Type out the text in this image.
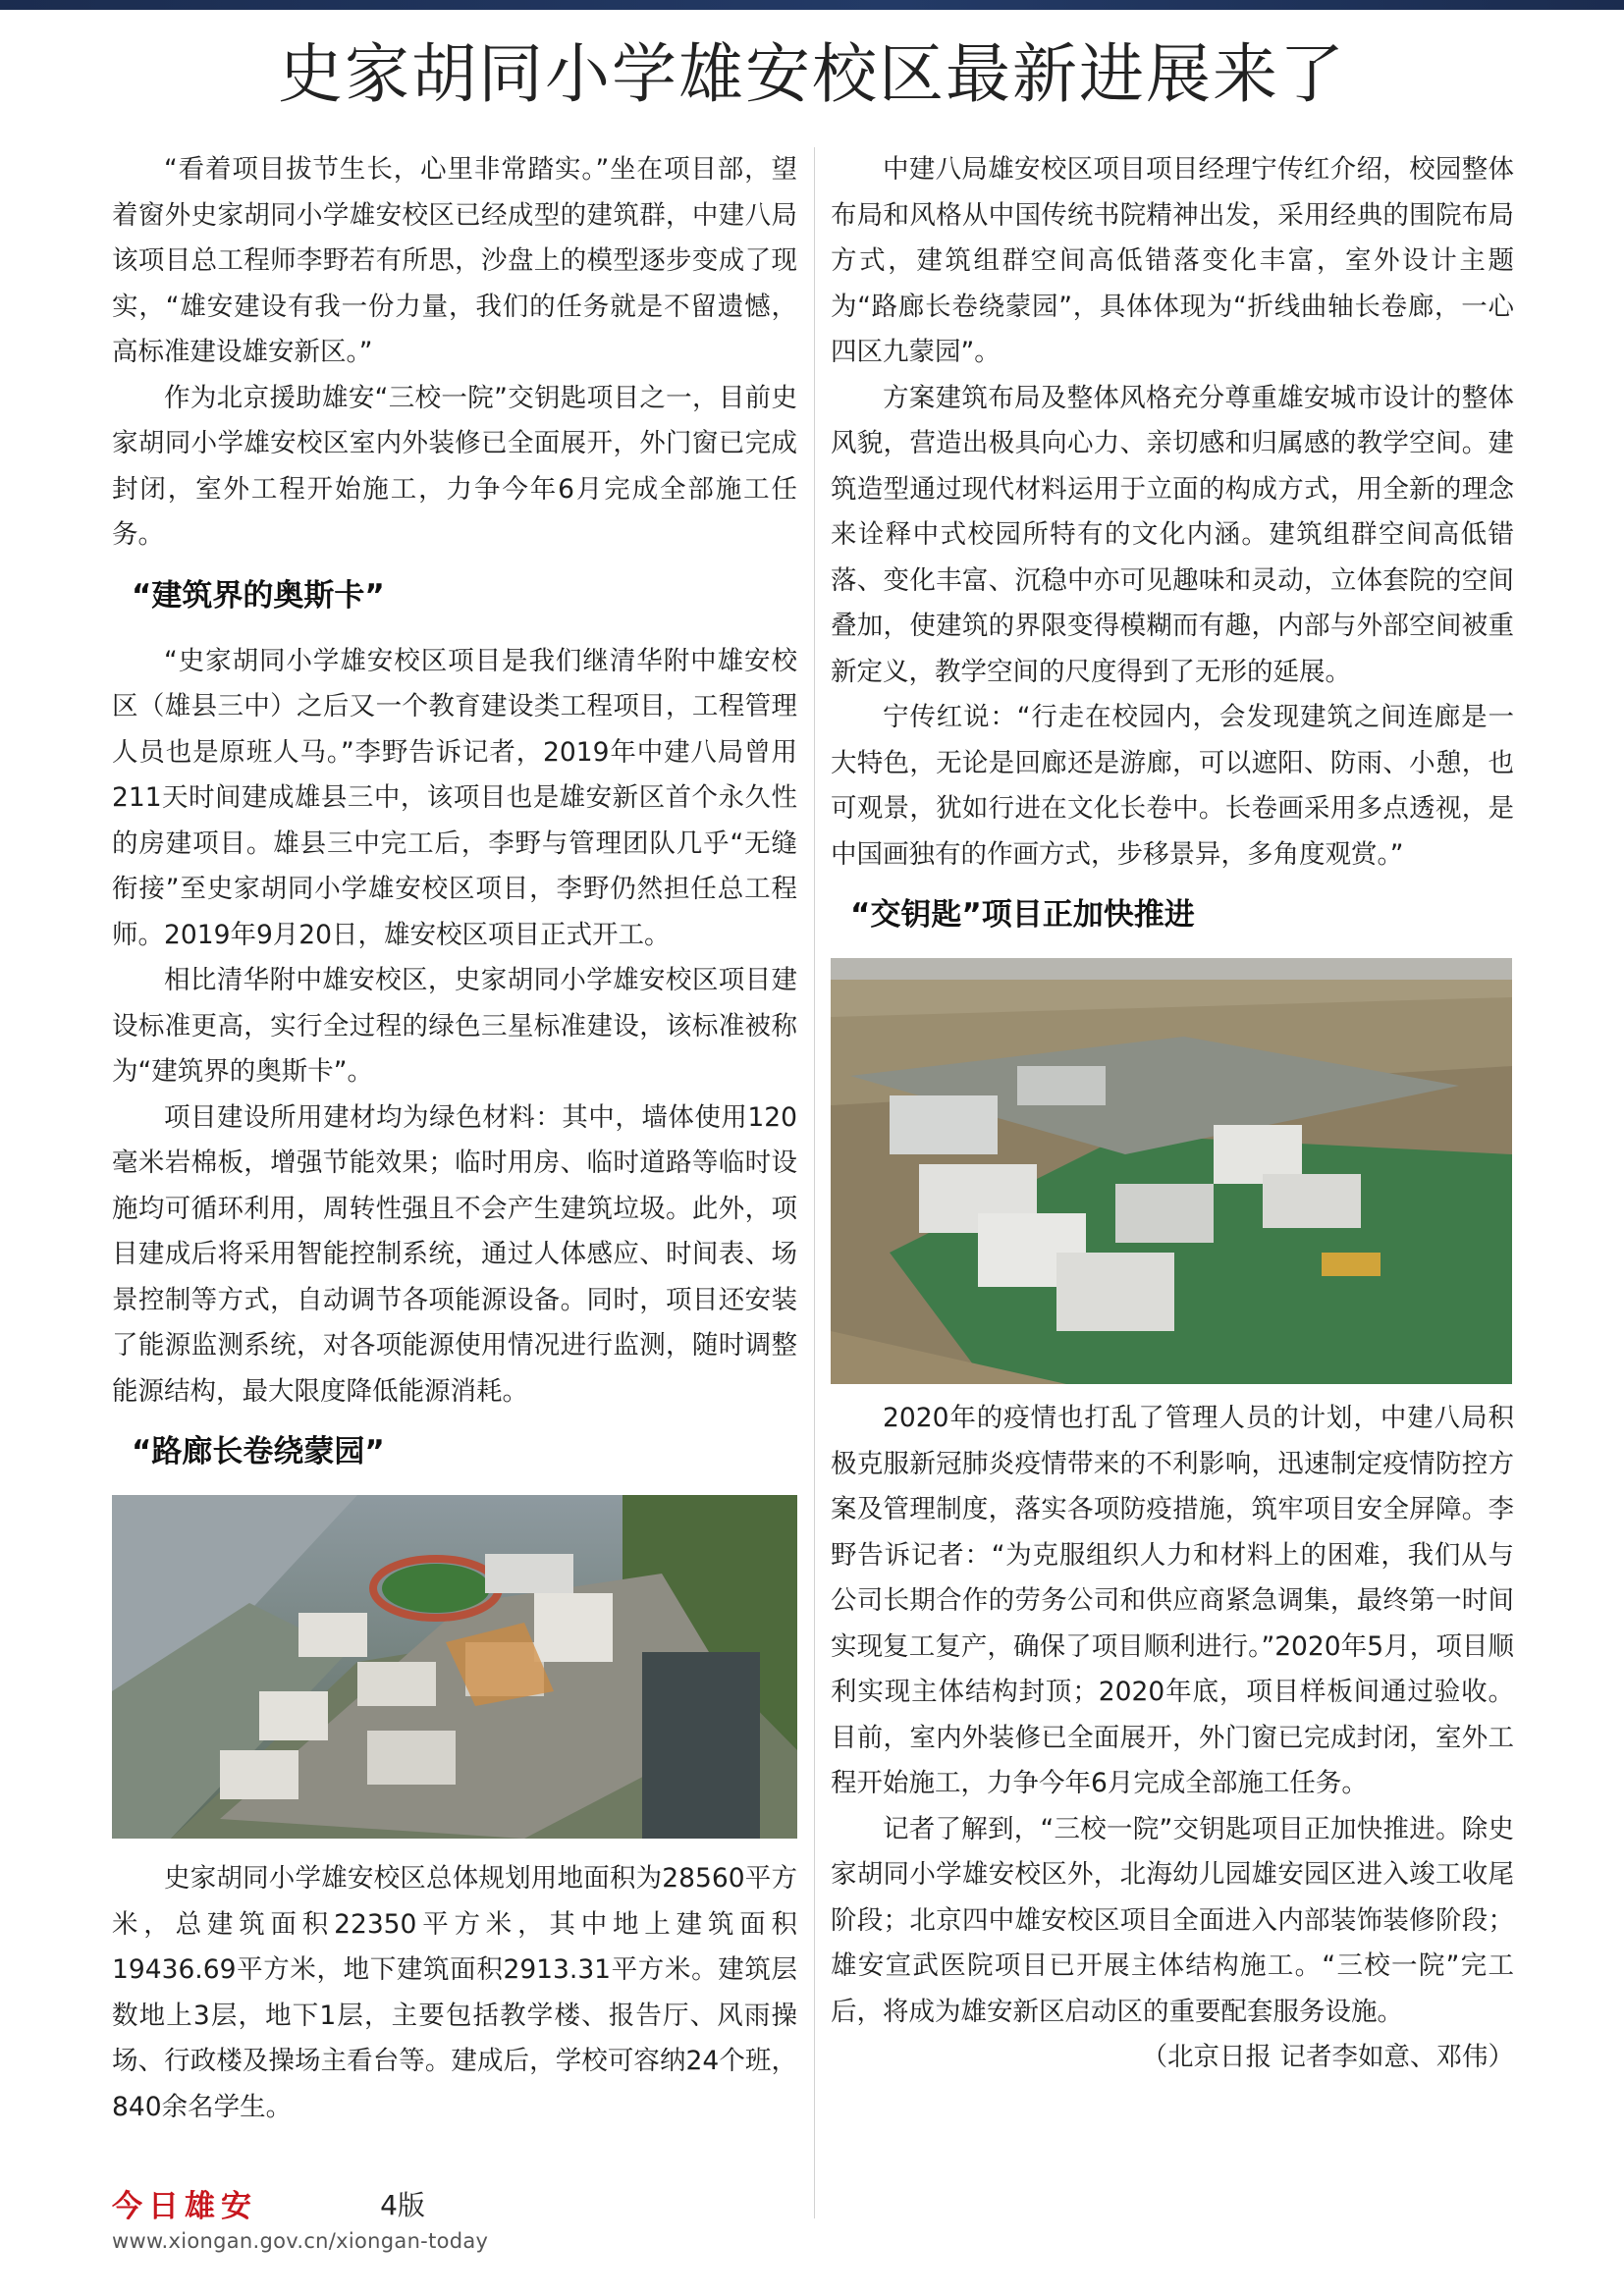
史家胡同小学雄安校区最新进展来了

“看着项目拔节生长，心里非常踏实。”坐在项目部，望着窗外史家胡同小学雄安校区已经成型的建筑群，中建八局该项目总工程师李野若有所思，沙盘上的模型逐步变成了现实，“雄安建设有我一份力量，我们的任务就是不留遗憾，高标准建设雄安新区。”

作为北京援助雄安“三校一院”交钥匙项目之一，目前史家胡同小学雄安校区室内外装修已全面展开，外门窗已完成封闭，室外工程开始施工，力争今年6月完成全部施工任务。

“建筑界的奥斯卡”

“史家胡同小学雄安校区项目是我们继清华附中雄安校区（雄县三中）之后又一个教育建设类工程项目，工程管理人员也是原班人马。”李野告诉记者，2019年中建八局曾用211天时间建成雄县三中，该项目也是雄安新区首个永久性的房建项目。雄县三中完工后，李野与管理团队几乎“无缝衔接”至史家胡同小学雄安校区项目，李野仍然担任总工程师。2019年9月20日，雄安校区项目正式开工。

相比清华附中雄安校区，史家胡同小学雄安校区项目建设标准更高，实行全过程的绿色三星标准建设，该标准被称为“建筑界的奥斯卡”。

项目建设所用建材均为绿色材料：其中，墙体使用120毫米岩棉板，增强节能效果；临时用房、临时道路等临时设施均可循环利用，周转性强且不会产生建筑垃圾。此外，项目建成后将采用智能控制系统，通过人体感应、时间表、场景控制等方式，自动调节各项能源设备。同时，项目还安装了能源监测系统，对各项能源使用情况进行监测，随时调整能源结构，最大限度降低能源消耗。

“路廊长卷绕蒙园”

史家胡同小学雄安校区总体规划用地面积为28560平方米，总建筑面积22350平方米，其中地上建筑面积19436.69平方米，地下建筑面积2913.31平方米。建筑层数地上3层，地下1层，主要包括教学楼、报告厅、风雨操场、行政楼及操场主看台等。建成后，学校可容纳24个班，840余名学生。

中建八局雄安校区项目项目经理宁传红介绍，校园整体布局和风格从中国传统书院精神出发，采用经典的围院布局方式，建筑组群空间高低错落变化丰富，室外设计主题为“路廊长卷绕蒙园”，具体体现为“折线曲轴长卷廊，一心四区九蒙园”。

方案建筑布局及整体风格充分尊重雄安城市设计的整体风貌，营造出极具向心力、亲切感和归属感的教学空间。建筑造型通过现代材料运用于立面的构成方式，用全新的理念来诠释中式校园所特有的文化内涵。建筑组群空间高低错落、变化丰富、沉稳中亦可见趣味和灵动，立体套院的空间叠加，使建筑的界限变得模糊而有趣，内部与外部空间被重新定义，教学空间的尺度得到了无形的延展。

宁传红说：“行走在校园内，会发现建筑之间连廊是一大特色，无论是回廊还是游廊，可以遮阳、防雨、小憩，也可观景，犹如行进在文化长卷中。长卷画采用多点透视，是中国画独有的作画方式，步移景异，多角度观赏。”

“交钥匙”项目正加快推进

2020年的疫情也打乱了管理人员的计划，中建八局积极克服新冠肺炎疫情带来的不利影响，迅速制定疫情防控方案及管理制度，落实各项防疫措施，筑牢项目安全屏障。李野告诉记者：“为克服组织人力和材料上的困难，我们从与公司长期合作的劳务公司和供应商紧急调集，最终第一时间实现复工复产，确保了项目顺利进行。”2020年5月，项目顺利实现主体结构封顶；2020年底，项目样板间通过验收。目前，室内外装修已全面展开，外门窗已完成封闭，室外工程开始施工，力争今年6月完成全部施工任务。

记者了解到，“三校一院”交钥匙项目正加快推进。除史家胡同小学雄安校区外，北海幼儿园雄安园区进入竣工收尾阶段；北京四中雄安校区项目全面进入内部装饰装修阶段；雄安宣武医院项目已开展主体结构施工。“三校一院”完工后，将成为雄安新区启动区的重要配套服务设施。

（北京日报 记者李如意、邓伟）

今日雄安	4版
www.xiongan.gov.cn/xiongan-today
